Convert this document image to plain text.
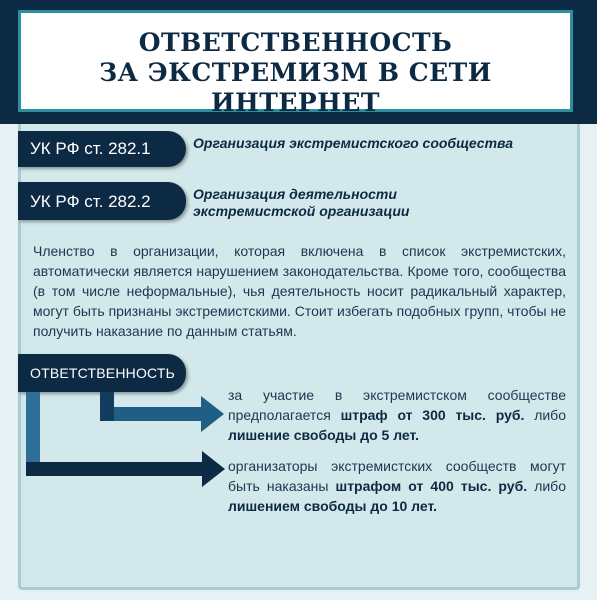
ОТВЕТСТВЕННОСТЬ
ЗА ЭКСТРЕМИЗМ В СЕТИ ИНТЕРНЕТ
УК РФ ст. 282.1	Организация экстремистского сообщества
УК РФ ст. 282.2	Организация деятельности экстремистской организации
Членство в организации, которая включена в список экстремистских, автоматически является нарушением законодательства. Кроме того, сообщества (в том числе неформальные), чья деятельность носит радикальный характер, могут быть признаны экстремистскими. Стоит избегать подобных групп, чтобы не получить наказание по данным статьям.
ОТВЕТСТВЕННОСТЬ
за участие в экстремистском сообществе предполагается штраф от 300 тыс. руб. либо лишение свободы до 5 лет.
организаторы экстремистских сообществ могут быть наказаны штрафом от 400 тыс. руб. либо лишением свободы до 10 лет.
